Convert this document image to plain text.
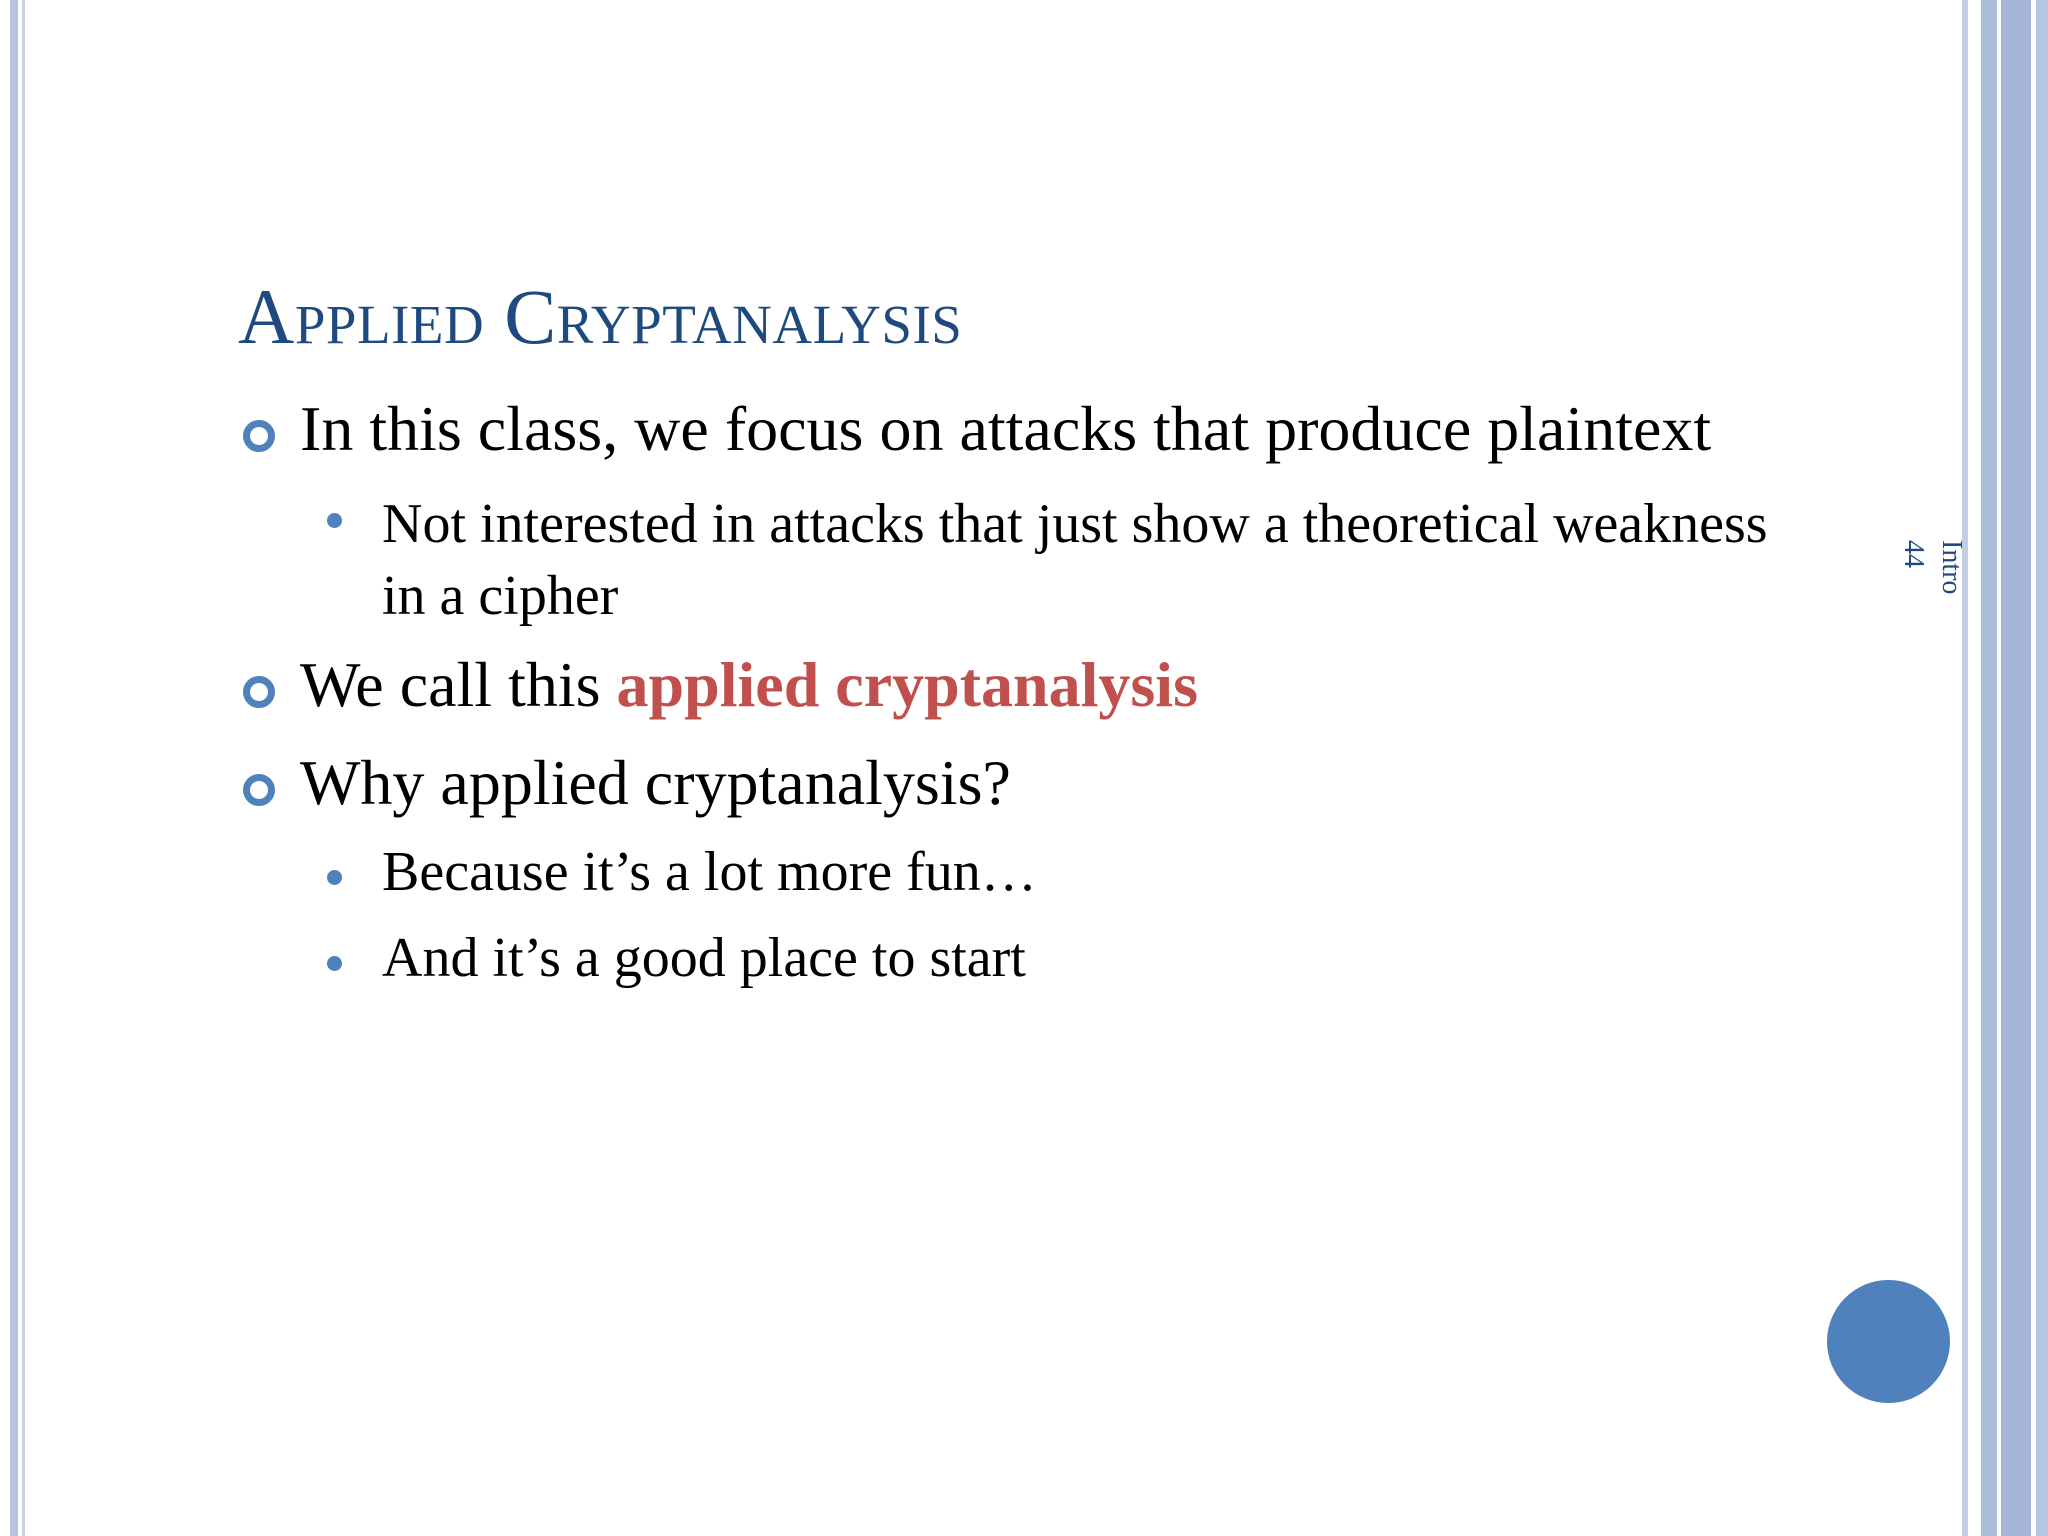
Applied Cryptanalysis
In this class, we focus on attacks that produce plaintext
Not interested in attacks that just show a theoretical weakness
in a cipher
We call this applied cryptanalysis
Why applied cryptanalysis?
Because it’s a lot more fun…
And it’s a good place to start
Intro
44
